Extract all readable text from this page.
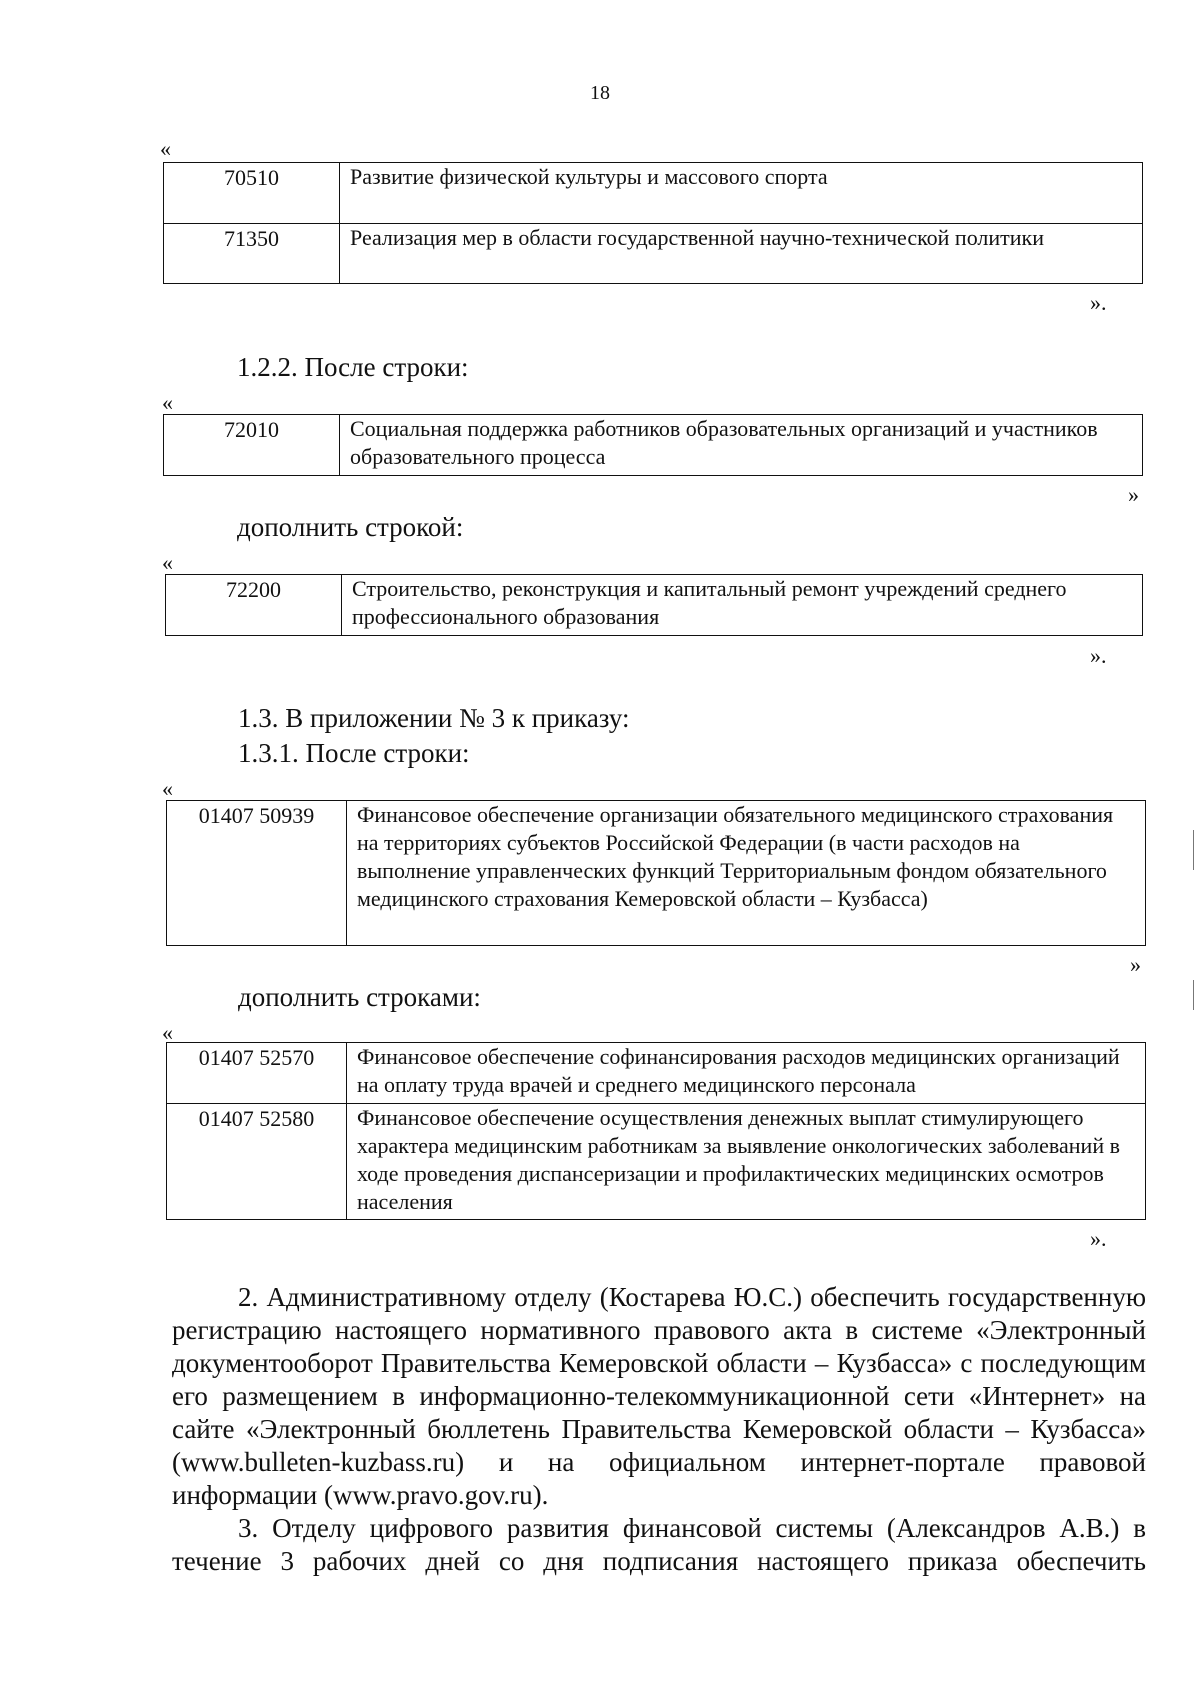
18
«
70510	Развитие физической культуры и массового спорта
71350	Реализация мер в области государственной научно-технической политики
».
1.2.2. После строки:
«
72010	Социальная поддержка работников образовательных организаций и участников образовательного процесса
»
дополнить строкой:
«
72200	Строительство, реконструкция и капитальный ремонт учреждений среднего профессионального образования
».
1.3. В приложении № 3 к приказу:
1.3.1. После строки:
«
01407 50939	Финансовое обеспечение организации обязательного медицинского страхования на территориях субъектов Российской Федерации (в части расходов на выполнение управленческих функций Территориальным фондом обязательного медицинского страхования Кемеровской области – Кузбасса)
»
дополнить строками:
«
01407 52570	Финансовое обеспечение софинансирования расходов медицинских организаций на оплату труда врачей и среднего медицинского персонала
01407 52580	Финансовое обеспечение осуществления денежных выплат стимулирующего характера медицинским работникам за выявление онкологических заболеваний в ходе проведения диспансеризации и профилактических медицинских осмотров населения
».

2. Административному отделу (Костарева Ю.С.) обеспечить государственную регистрацию настоящего нормативного правового акта в системе «Электронный документооборот Правительства Кемеровской области – Кузбасса» с последующим его размещением в информационно-телекоммуникационной сети «Интернет» на сайте «Электронный бюллетень Правительства Кемеровской области – Кузбасса» (www.bulleten-kuzbass.ru) и на официальном интернет-портале правовой информации (www.pravo.gov.ru).

3. Отделу цифрового развития финансовой системы (Александров А.В.) в течение 3 рабочих дней со дня подписания настоящего приказа обеспечить
